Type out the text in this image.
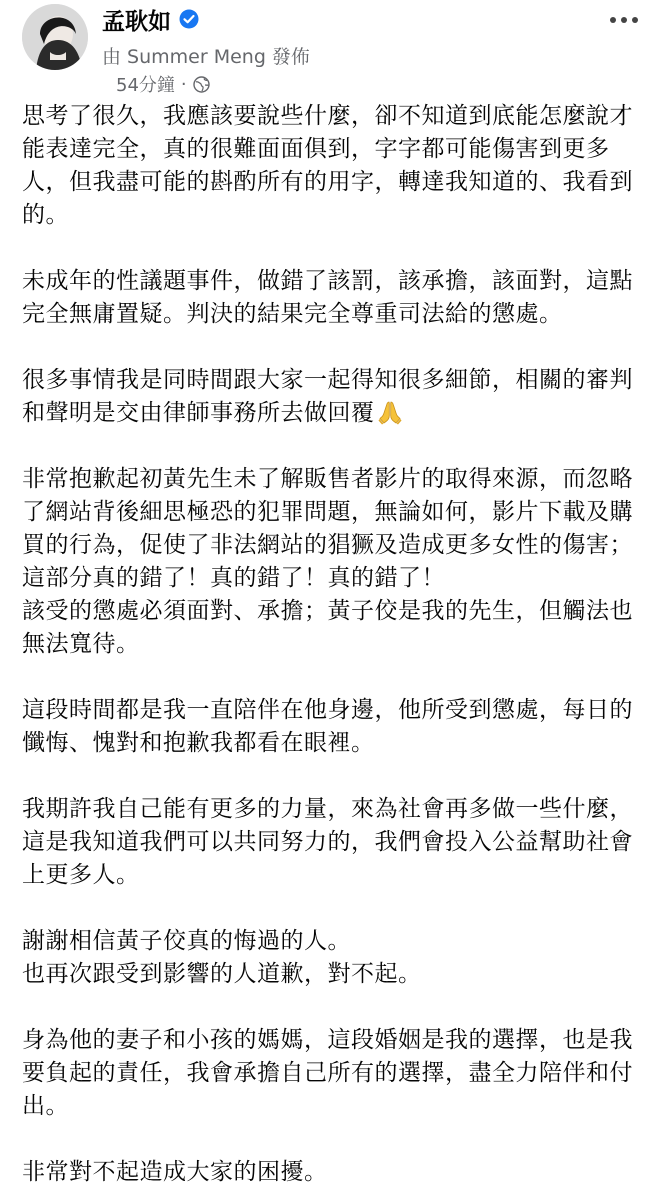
孟耿如
由 Summer Meng 發佈
54分鐘 ·

思考了很久，我應該要說些什麼，卻不知道到底能怎麼說才能表達完全，真的很難面面俱到，字字都可能傷害到更多人，但我盡可能的斟酌所有的用字，轉達我知道的、我看到的。

未成年的性議題事件，做錯了該罰，該承擔，該面對，這點完全無庸置疑。判決的結果完全尊重司法給的懲處。

很多事情我是同時間跟大家一起得知很多細節，相關的審判和聲明是交由律師事務所去做回覆

非常抱歉起初黃先生未了解販售者影片的取得來源，而忽略了網站背後細思極恐的犯罪問題，無論如何，影片下載及購買的行為，促使了非法網站的猖獗及造成更多女性的傷害；
這部分真的錯了！真的錯了！真的錯了！
該受的懲處必須面對、承擔；黃子佼是我的先生，但觸法也無法寬待。

這段時間都是我一直陪伴在他身邊，他所受到懲處，每日的懺悔、愧對和抱歉我都看在眼裡。

我期許我自己能有更多的力量，來為社會再多做一些什麼，這是我知道我們可以共同努力的，我們會投入公益幫助社會上更多人。

謝謝相信黃子佼真的悔過的人。
也再次跟受到影響的人道歉，對不起。

身為他的妻子和小孩的媽媽，這段婚姻是我的選擇，也是我要負起的責任，我會承擔自己所有的選擇，盡全力陪伴和付出。

非常對不起造成大家的困擾。
